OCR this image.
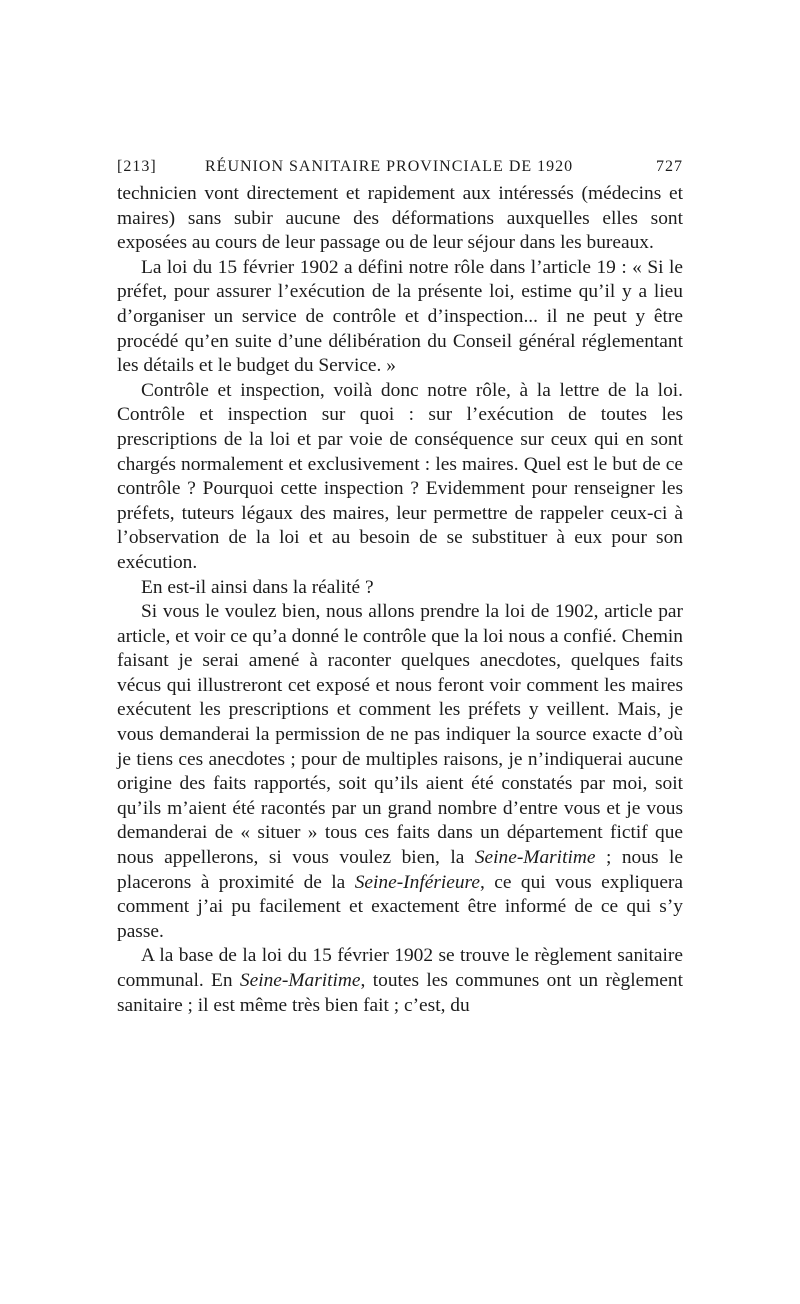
[213]	RÉUNION SANITAIRE PROVINCIALE DE 1920	727

technicien vont directement et rapidement aux intéressés (médecins et maires) sans subir aucune des déformations auxquelles elles sont exposées au cours de leur passage ou de leur séjour dans les bureaux.

La loi du 15 février 1902 a défini notre rôle dans l’article 19 : « Si le préfet, pour assurer l’exécution de la présente loi, estime qu’il y a lieu d’organiser un service de contrôle et d’inspection... il ne peut y être procédé qu’en suite d’une délibération du Conseil général réglementant les détails et le budget du Service. »

Contrôle et inspection, voilà donc notre rôle, à la lettre de la loi. Contrôle et inspection sur quoi : sur l’exécution de toutes les prescriptions de la loi et par voie de conséquence sur ceux qui en sont chargés normalement et exclusivement : les maires. Quel est le but de ce contrôle ? Pourquoi cette inspection ? Evidemment pour renseigner les préfets, tuteurs légaux des maires, leur permettre de rappeler ceux-ci à l’observation de la loi et au besoin de se substituer à eux pour son exécution.

En est-il ainsi dans la réalité ?

Si vous le voulez bien, nous allons prendre la loi de 1902, article par article, et voir ce qu’a donné le contrôle que la loi nous a confié. Chemin faisant je serai amené à raconter quelques anecdotes, quelques faits vécus qui illustreront cet exposé et nous feront voir comment les maires exécutent les prescriptions et comment les préfets y veillent. Mais, je vous demanderai la permission de ne pas indiquer la source exacte d’où je tiens ces anecdotes ; pour de multiples raisons, je n’indiquerai aucune origine des faits rapportés, soit qu’ils aient été constatés par moi, soit qu’ils m’aient été racontés par un grand nombre d’entre vous et je vous demanderai de « situer » tous ces faits dans un département fictif que nous appellerons, si vous voulez bien, la Seine-Maritime ; nous le placerons à proximité de la Seine-Inférieure, ce qui vous expliquera comment j’ai pu facilement et exactement être informé de ce qui s’y passe.

A la base de la loi du 15 février 1902 se trouve le règlement sanitaire communal. En Seine-Maritime, toutes les communes ont un règlement sanitaire ; il est même très bien fait ; c’est, du
